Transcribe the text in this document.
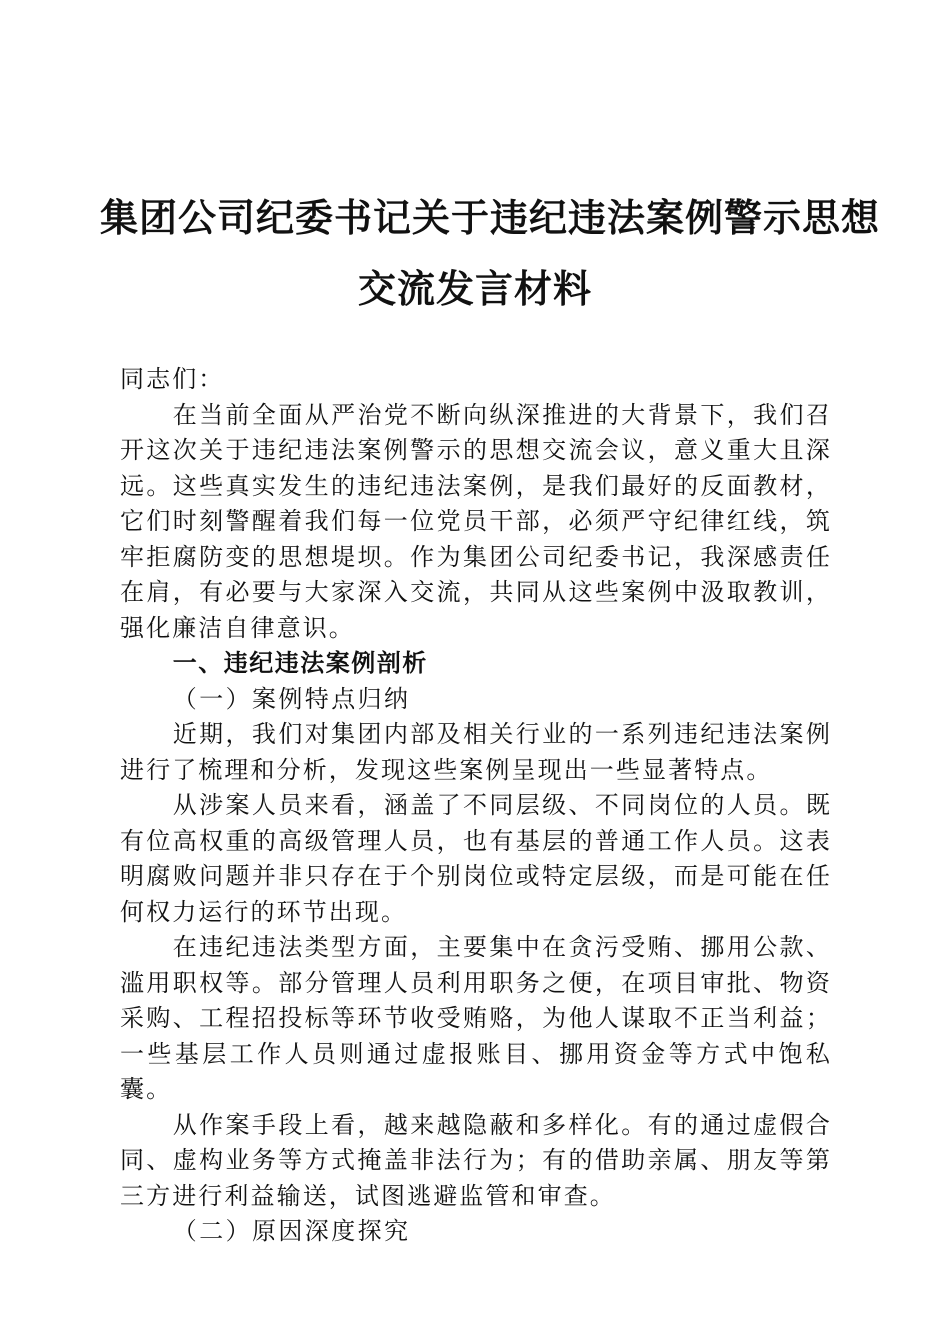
集团公司纪委书记关于违纪违法案例警示思想
交流发言材料

同志们：

在当前全面从严治党不断向纵深推进的大背景下，我们召开这次关于违纪违法案例警示的思想交流会议，意义重大且深远。这些真实发生的违纪违法案例，是我们最好的反面教材，它们时刻警醒着我们每一位党员干部，必须严守纪律红线，筑牢拒腐防变的思想堤坝。作为集团公司纪委书记，我深感责任在肩，有必要与大家深入交流，共同从这些案例中汲取教训，强化廉洁自律意识。

一、违纪违法案例剖析

（一）案例特点归纳

近期，我们对集团内部及相关行业的一系列违纪违法案例进行了梳理和分析，发现这些案例呈现出一些显著特点。

从涉案人员来看，涵盖了不同层级、不同岗位的人员。既有位高权重的高级管理人员，也有基层的普通工作人员。这表明腐败问题并非只存在于个别岗位或特定层级，而是可能在任何权力运行的环节出现。

在违纪违法类型方面，主要集中在贪污受贿、挪用公款、滥用职权等。部分管理人员利用职务之便，在项目审批、物资采购、工程招投标等环节收受贿赂，为他人谋取不正当利益；一些基层工作人员则通过虚报账目、挪用资金等方式中饱私囊。

从作案手段上看，越来越隐蔽和多样化。有的通过虚假合同、虚构业务等方式掩盖非法行为；有的借助亲属、朋友等第三方进行利益输送，试图逃避监管和审查。

（二）原因深度探究
